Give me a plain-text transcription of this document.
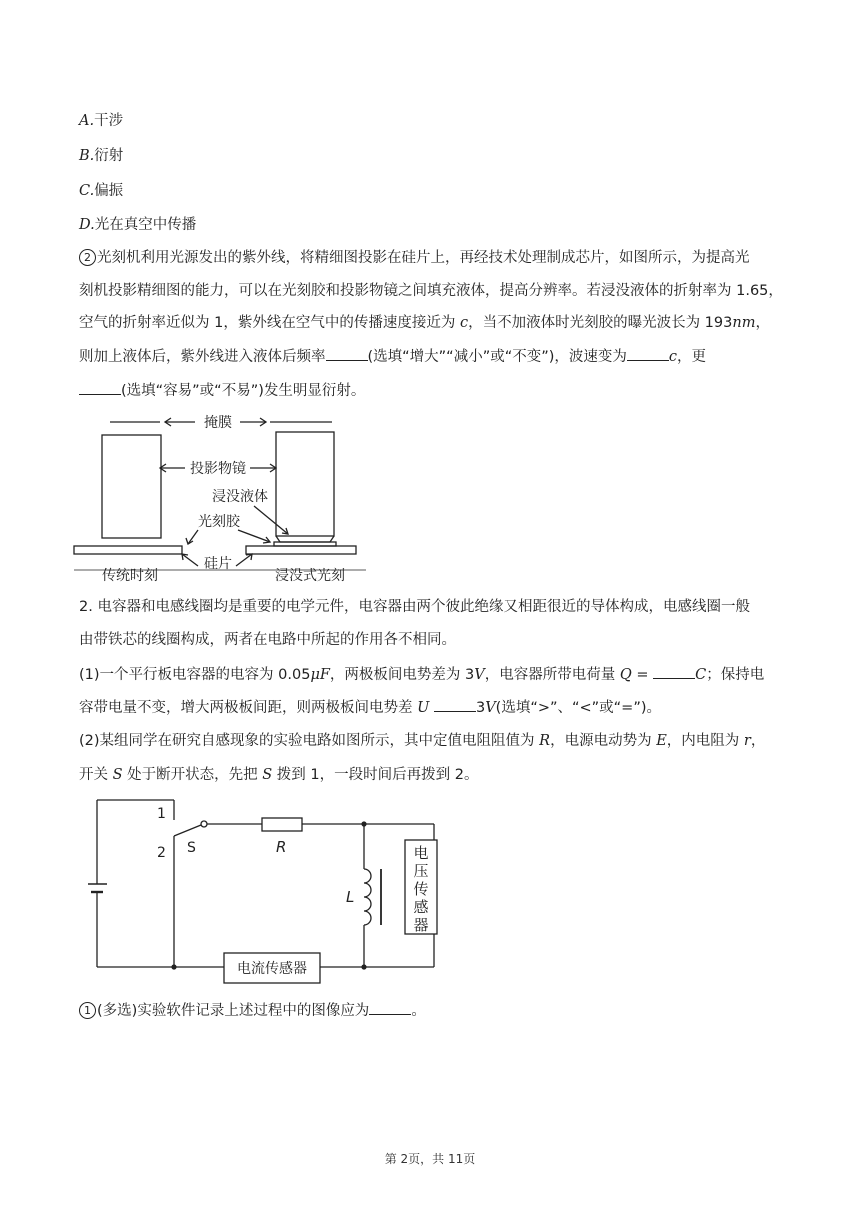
A.干涉
B.衍射
C.偏振
D.光在真空中传播
2 光刻机利用光源发出的紫外线，将精细图投影在硅片上，再经技术处理制成芯片，如图所示，为提高光
刻机投影精细图的能力，可以在光刻胶和投影物镜之间填充液体，提高分辨率。若浸没液体的折射率为 1.65，
空气的折射率近似为 1，紫外线在空气中的传播速度接近为 c，当不加液体时光刻胶的曝光波长为 193nm，
则加上液体后，紫外线进入液体后频率	(选填“增大”“减小”或“不变”)，波速变为	c，更
(选填“容易”或“不易”)发生明显衍射。
掩膜
投影物镜
浸没液体
光刻胶
硅片
传统时刻	浸没式光刻
2. 电容器和电感线圈均是重要的电学元件，电容器由两个彼此绝缘又相距很近的导体构成，电感线圈一般
由带铁芯的线圈构成，两者在电路中所起的作用各不相同。
(1)一个平行板电容器的电容为 0.05μF，两极板间电势差为 3V，电容器所带电荷量 Q =	C；保持电
容带电量不变，增大两极板间距，则两极板间电势差 U	3V(选填“>”、“<”或“=”)。
(2)某组同学在研究自感现象的实验电路如图所示，其中定值电阻阻值为 R，电源电动势为 E，内电阻为 r，
开关 S 处于断开状态，先把 S 拨到 1，一段时间后再拨到 2。
1
2 S	R
L
电
压
传
感
器
电流传感器
1 (多选)实验软件记录上述过程中的图像应为	。
第 2页，共 11页
